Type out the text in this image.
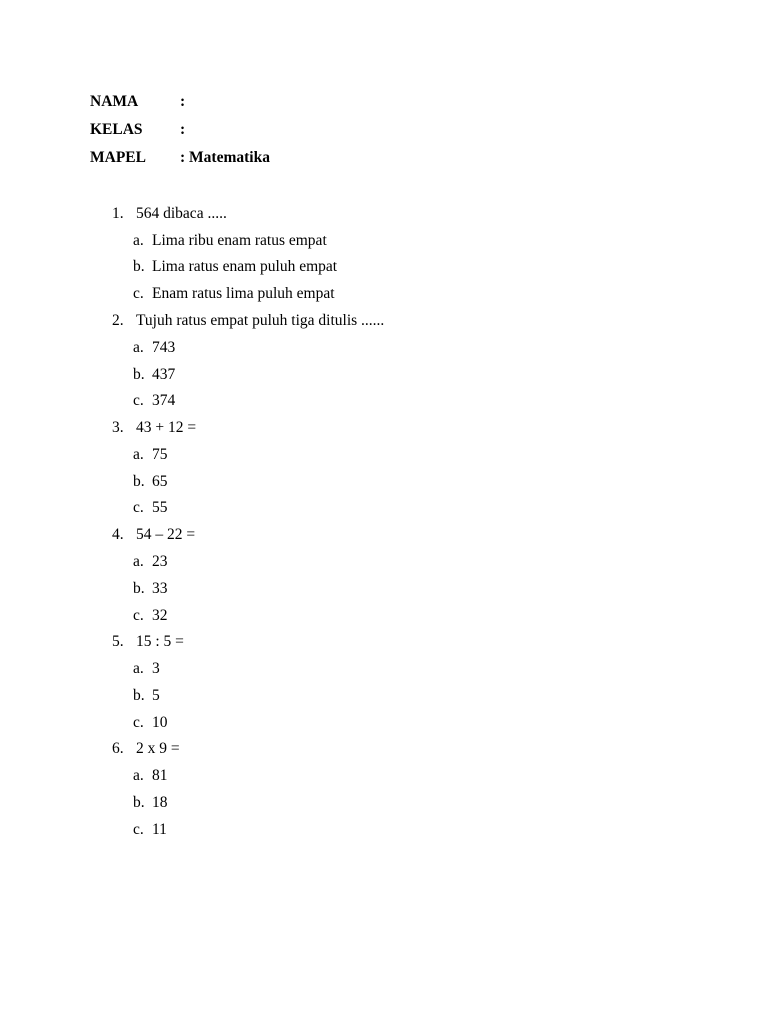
NAMA	:
KELAS	:
MAPEL	: Matematika
1. 564 dibaca .....
a. Lima ribu enam ratus empat
b. Lima ratus enam puluh empat
c. Enam ratus lima puluh empat
2. Tujuh ratus empat puluh tiga ditulis ......
a. 743
b. 437
c. 374
3. 43 + 12 =
a. 75
b. 65
c. 55
4. 54 – 22 =
a. 23
b. 33
c. 32
5. 15 : 5 =
a. 3
b. 5
c. 10
6. 2 x 9 =
a. 81
b. 18
c. 11
